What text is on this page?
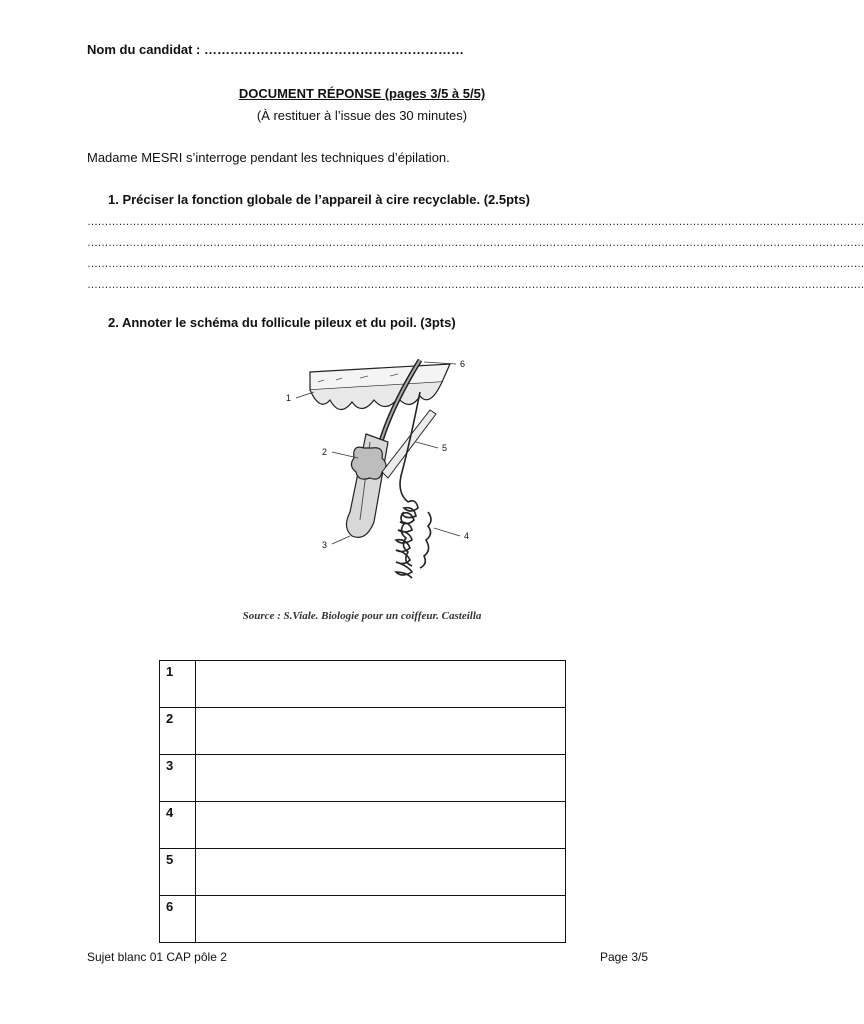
Nom du candidat : ……………………………………………………
DOCUMENT RÉPONSE (pages 3/5 à 5/5)
(À restituer à l’issue des 30 minutes)
Madame MESRI s’interroge pendant les techniques d’épilation.
1. Préciser la fonction globale de l’appareil à cire recyclable. (2.5pts)
……………………………………………………………………………………………………………………………………………………………………………………………………
……………………………………………………………………………………………………………………………………………………………………………………………………
……………………………………………………………………………………………………………………………………………………………………………………………………
……………………………………………………………………………………………………………………………………………………………………………………………………
2. Annoter le schéma du follicule pileux et du poil. (3pts)
1
2
3
4
5
6
Source : S.Viale. Biologie pour un coiffeur. Casteilla
1	
2	
3	
4	
5	
6	
Sujet blanc 01 CAP pôle 2	Page 3/5
